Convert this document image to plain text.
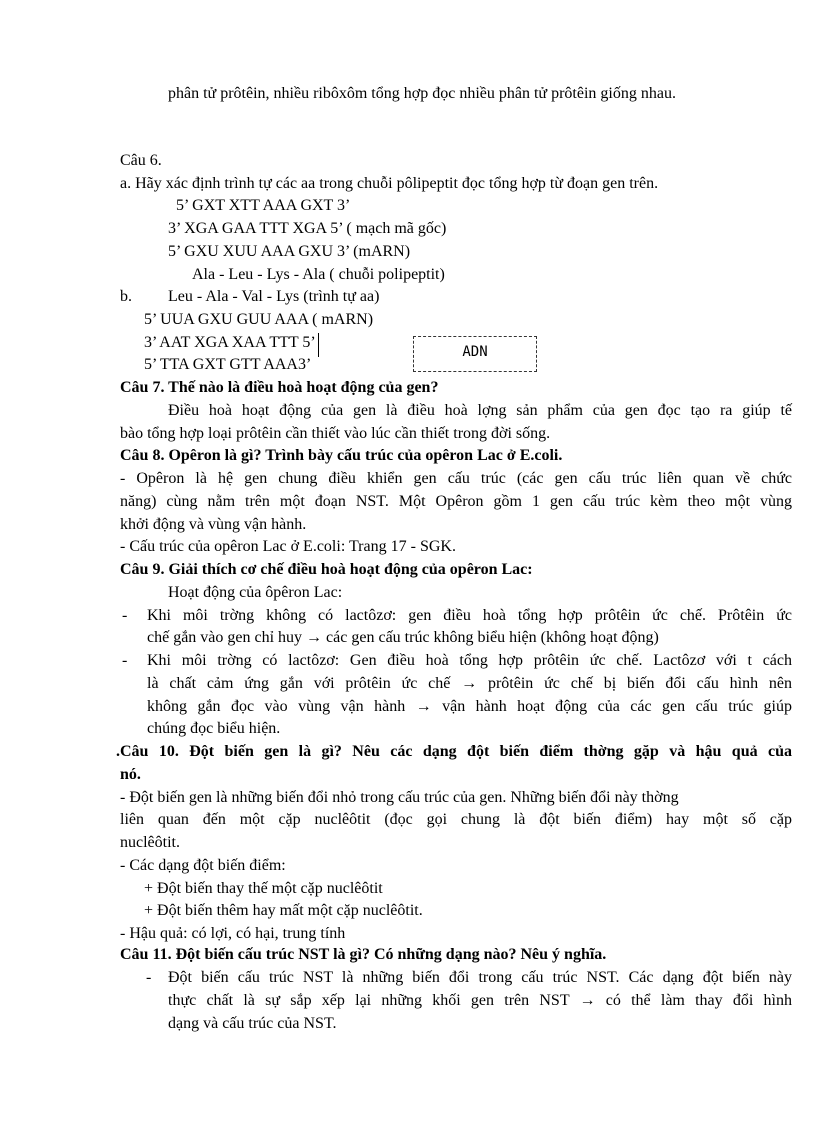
phân tử prôtêin, nhiều ribôxôm tổng hợp đọc nhiều phân tử prôtêin giống nhau.
Câu 6.
a. Hãy xác định trình tự các aa trong chuỗi pôlipeptit đọc tổng hợp từ đoạn gen trên.
5’ GXT XTT AAA GXT 3’
3’ XGA GAA TTT XGA 5’ ( mạch mã gốc)
5’ GXU XUU AAA GXU 3’ (mARN)
Ala - Leu - Lys - Ala ( chuỗi polipeptit)
b. Leu - Ala - Val - Lys (trình tự aa)
5’ UUA GXU GUU AAA ( mARN)
3’ AAT XGA XAA TTT 5’
5’ TTA GXT GTT AAA3’
ADN
Câu 7. Thế nào là điều hoà hoạt động của gen?
Điều hoà hoạt động của gen là điều hoà lợng sản phẩm của gen đọc tạo ra giúp tế
bào tổng hợp loại prôtêin cần thiết vào lúc cần thiết trong đời sống.
Câu 8. Opêron là gì? Trình bày cấu trúc của opêron Lac ở E.coli.
- Opêron là hệ gen chung điều khiển gen cấu trúc (các gen cấu trúc liên quan về chức
năng) cùng nằm trên một đoạn NST. Một Opêron gồm 1 gen cấu trúc kèm theo một vùng
khởi động và vùng vận hành.
- Cấu trúc của opêron Lac ở E.coli: Trang 17 - SGK.
Câu 9. Giải thích cơ chế điều hoà hoạt động của opêron Lac:
Hoạt động của ôpêron Lac:
- Khi môi trờng không có lactôzơ: gen điều hoà tổng hợp prôtêin ức chế. Prôtêin ức
chế gắn vào gen chỉ huy → các gen cấu trúc không biểu hiện (không hoạt động)
- Khi môi trờng có lactôzơ: Gen điều hoà tổng hợp prôtêin ức chế. Lactôzơ với t cách
là chất cảm ứng gắn với prôtêin ức chế → prôtêin ức chế bị biến đổi cấu hình nên
không gắn đọc vào vùng vận hành → vận hành hoạt động của các gen cấu trúc giúp
chúng đọc biểu hiện.
.Câu 10. Đột biến gen là gì? Nêu các dạng đột biến điểm thờng gặp và hậu quả của
nó.
- Đột biến gen là những biến đổi nhỏ trong cấu trúc của gen. Những biến đổi này thờng
liên quan đến một cặp nuclêôtit (đọc gọi chung là đột biến điểm) hay một số cặp
nuclêôtit.
- Các dạng đột biến điểm:
+ Đột biến thay thế một cặp nuclêôtit
+ Đột biến thêm hay mất một cặp nuclêôtit.
- Hậu quả: có lợi, có hại, trung tính
Câu 11. Đột biến cấu trúc NST là gì? Có những dạng nào? Nêu ý nghĩa.
- Đột biến cấu trúc NST là những biến đổi trong cấu trúc NST. Các dạng đột biến này
thực chất là sự sắp xếp lại những khối gen trên NST → có thể làm thay đổi hình
dạng và cấu trúc của NST.
